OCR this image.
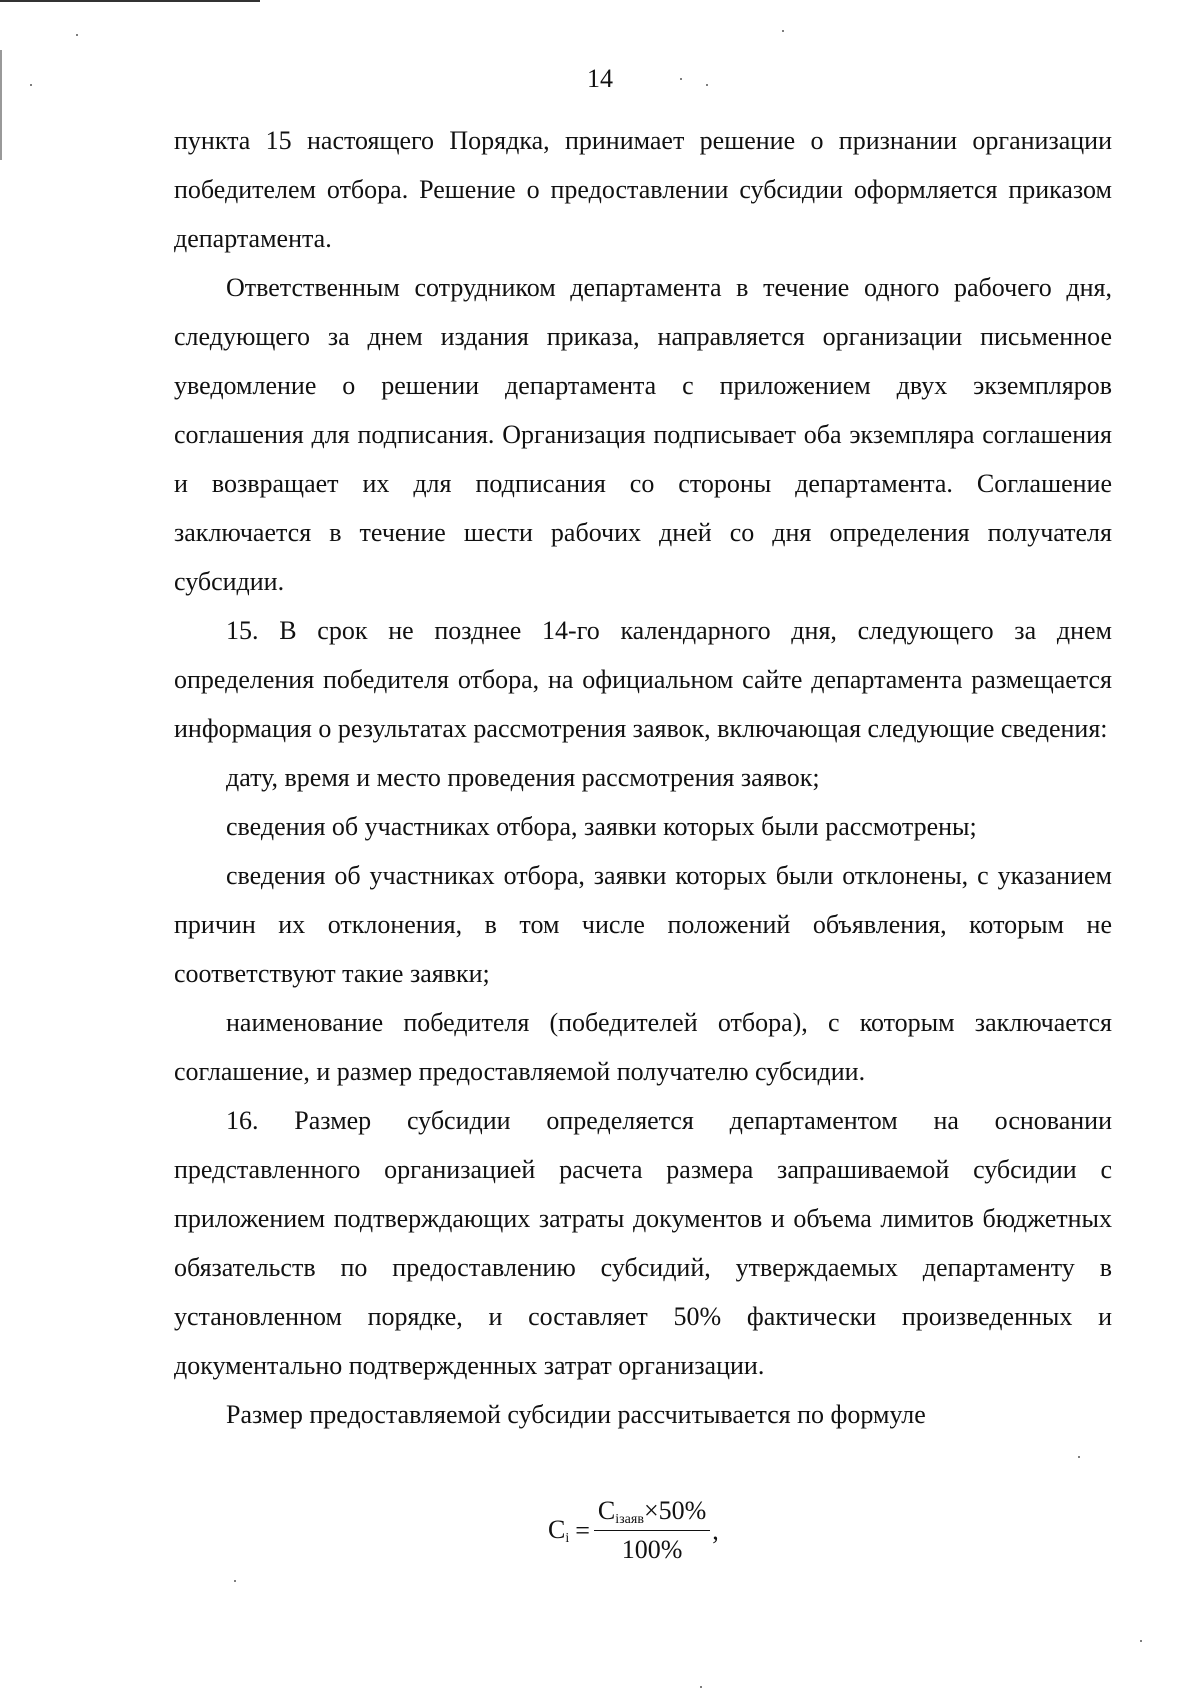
14

пункта 15 настоящего Порядка, принимает решение о признании организации победителем отбора. Решение о предоставлении субсидии оформляется приказом департамента.

Ответственным сотрудником департамента в течение одного рабочего дня, следующего за днем издания приказа, направляется организации письменное уведомление о решении департамента с приложением двух экземпляров соглашения для подписания. Организация подписывает оба экземпляра соглашения и возвращает их для подписания со стороны департамента. Соглашение заключается в течение шести рабочих дней со дня определения получателя субсидии.

15. В срок не позднее 14-го календарного дня, следующего за днем определения победителя отбора, на официальном сайте департамента размещается информация о результатах рассмотрения заявок, включающая следующие сведения:

дату, время и место проведения рассмотрения заявок;

сведения об участниках отбора, заявки которых были рассмотрены;

сведения об участниках отбора, заявки которых были отклонены, с указанием причин их отклонения, в том числе положений объявления, которым не соответствуют такие заявки;

наименование победителя (победителей отбора), с которым заключается соглашение, и размер предоставляемой получателю субсидии.

16. Размер субсидии определяется департаментом на основании представленного организацией расчета размера запрашиваемой субсидии с приложением подтверждающих затраты документов и объема лимитов бюджетных обязательств по предоставлению субсидий, утверждаемых департаменту в установленном порядке, и составляет 50% фактически произведенных и документально подтвержденных затрат организации.

Размер предоставляемой субсидии рассчитывается по формуле

$C_i = \frac{C_{iзаяв}\times 50\%}{100\%}$ ,
